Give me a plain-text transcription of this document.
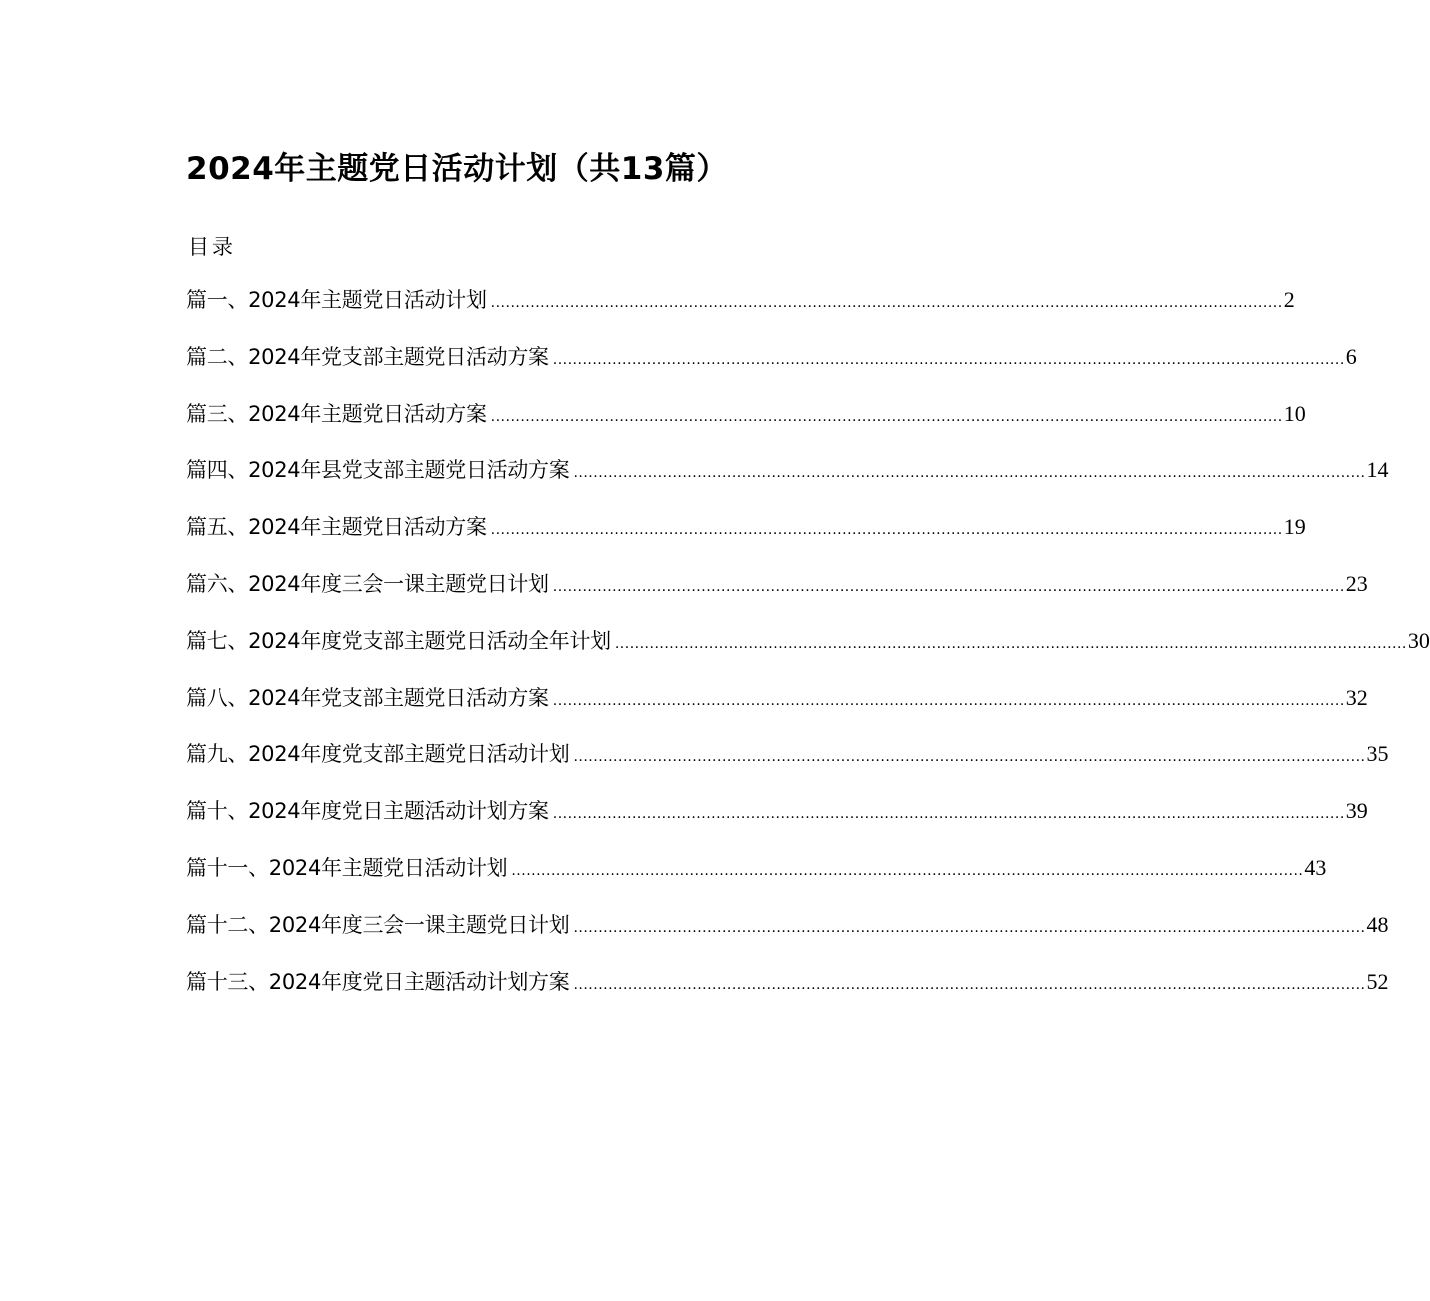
2024年主题党日活动计划（共13篇）
目录
篇一、2024年主题党日活动计划 ................................................................................................................................................................ 2
篇二、2024年党支部主题党日活动方案 ................................................................................................................................................................ 6
篇三、2024年主题党日活动方案 ................................................................................................................................................................ 10
篇四、2024年县党支部主题党日活动方案 ................................................................................................................................................................ 14
篇五、2024年主题党日活动方案 ................................................................................................................................................................ 19
篇六、2024年度三会一课主题党日计划 ................................................................................................................................................................ 23
篇七、2024年度党支部主题党日活动全年计划 ................................................................................................................................................................ 30
篇八、2024年党支部主题党日活动方案 ................................................................................................................................................................ 32
篇九、2024年度党支部主题党日活动计划 ................................................................................................................................................................ 35
篇十、2024年度党日主题活动计划方案 ................................................................................................................................................................ 39
篇十一、2024年主题党日活动计划 ................................................................................................................................................................ 43
篇十二、2024年度三会一课主题党日计划 ................................................................................................................................................................ 48
篇十三、2024年度党日主题活动计划方案 ................................................................................................................................................................ 52
